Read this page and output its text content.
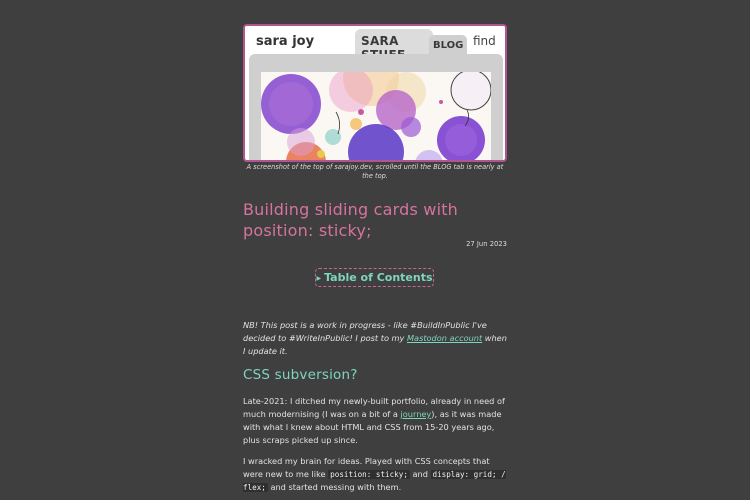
sara joy	SARA	BLOG find
A screenshot of the top of sarajoy.dev, scrolled until the BLOG tab is nearly at the top.
Building sliding cards with position: sticky;
27 Jun 2023
▶ Table of Contents

NB! This post is a work in progress - like #BuildInPublic I've decided to #WriteInPublic! I post to my Mastodon account when I update it.

CSS subversion?

Late-2021: I ditched my newly-built portfolio, already in need of much modernising (I was on a bit of a journey), as it was made with what I knew about HTML and CSS from 15-20 years ago, plus scraps picked up since.

I wracked my brain for ideas. Played with CSS concepts that were new to me like position: sticky; and display: grid; / flex; and started messing with them.
